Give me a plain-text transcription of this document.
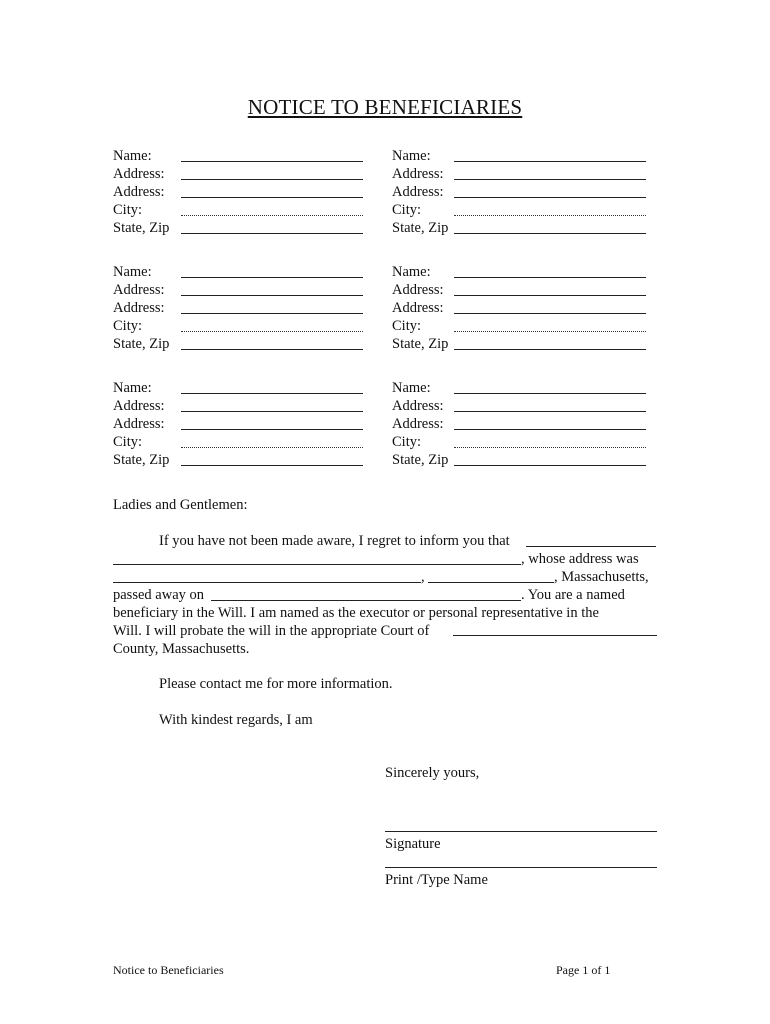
NOTICE TO BENEFICIARIES
Name:
Address:
Address:
City:
State, Zip
Name:
Address:
Address:
City:
State, Zip
Name:
Address:
Address:
City:
State, Zip
Name:
Address:
Address:
City:
State, Zip
Name:
Address:
Address:
City:
State, Zip
Name:
Address:
Address:
City:
State, Zip
Ladies and Gentlemen:
If you have not been made aware, I regret to inform you that
, whose address was
,	, Massachusetts,
passed away on	. You are a named
beneficiary in the Will. I am named as the executor or personal representative in the
Will. I will probate the will in the appropriate Court of
County, Massachusetts.
Please contact me for more information.
With kindest regards, I am
Sincerely yours,
Signature
Print /Type Name
Notice to Beneficiaries	Page 1 of 1
